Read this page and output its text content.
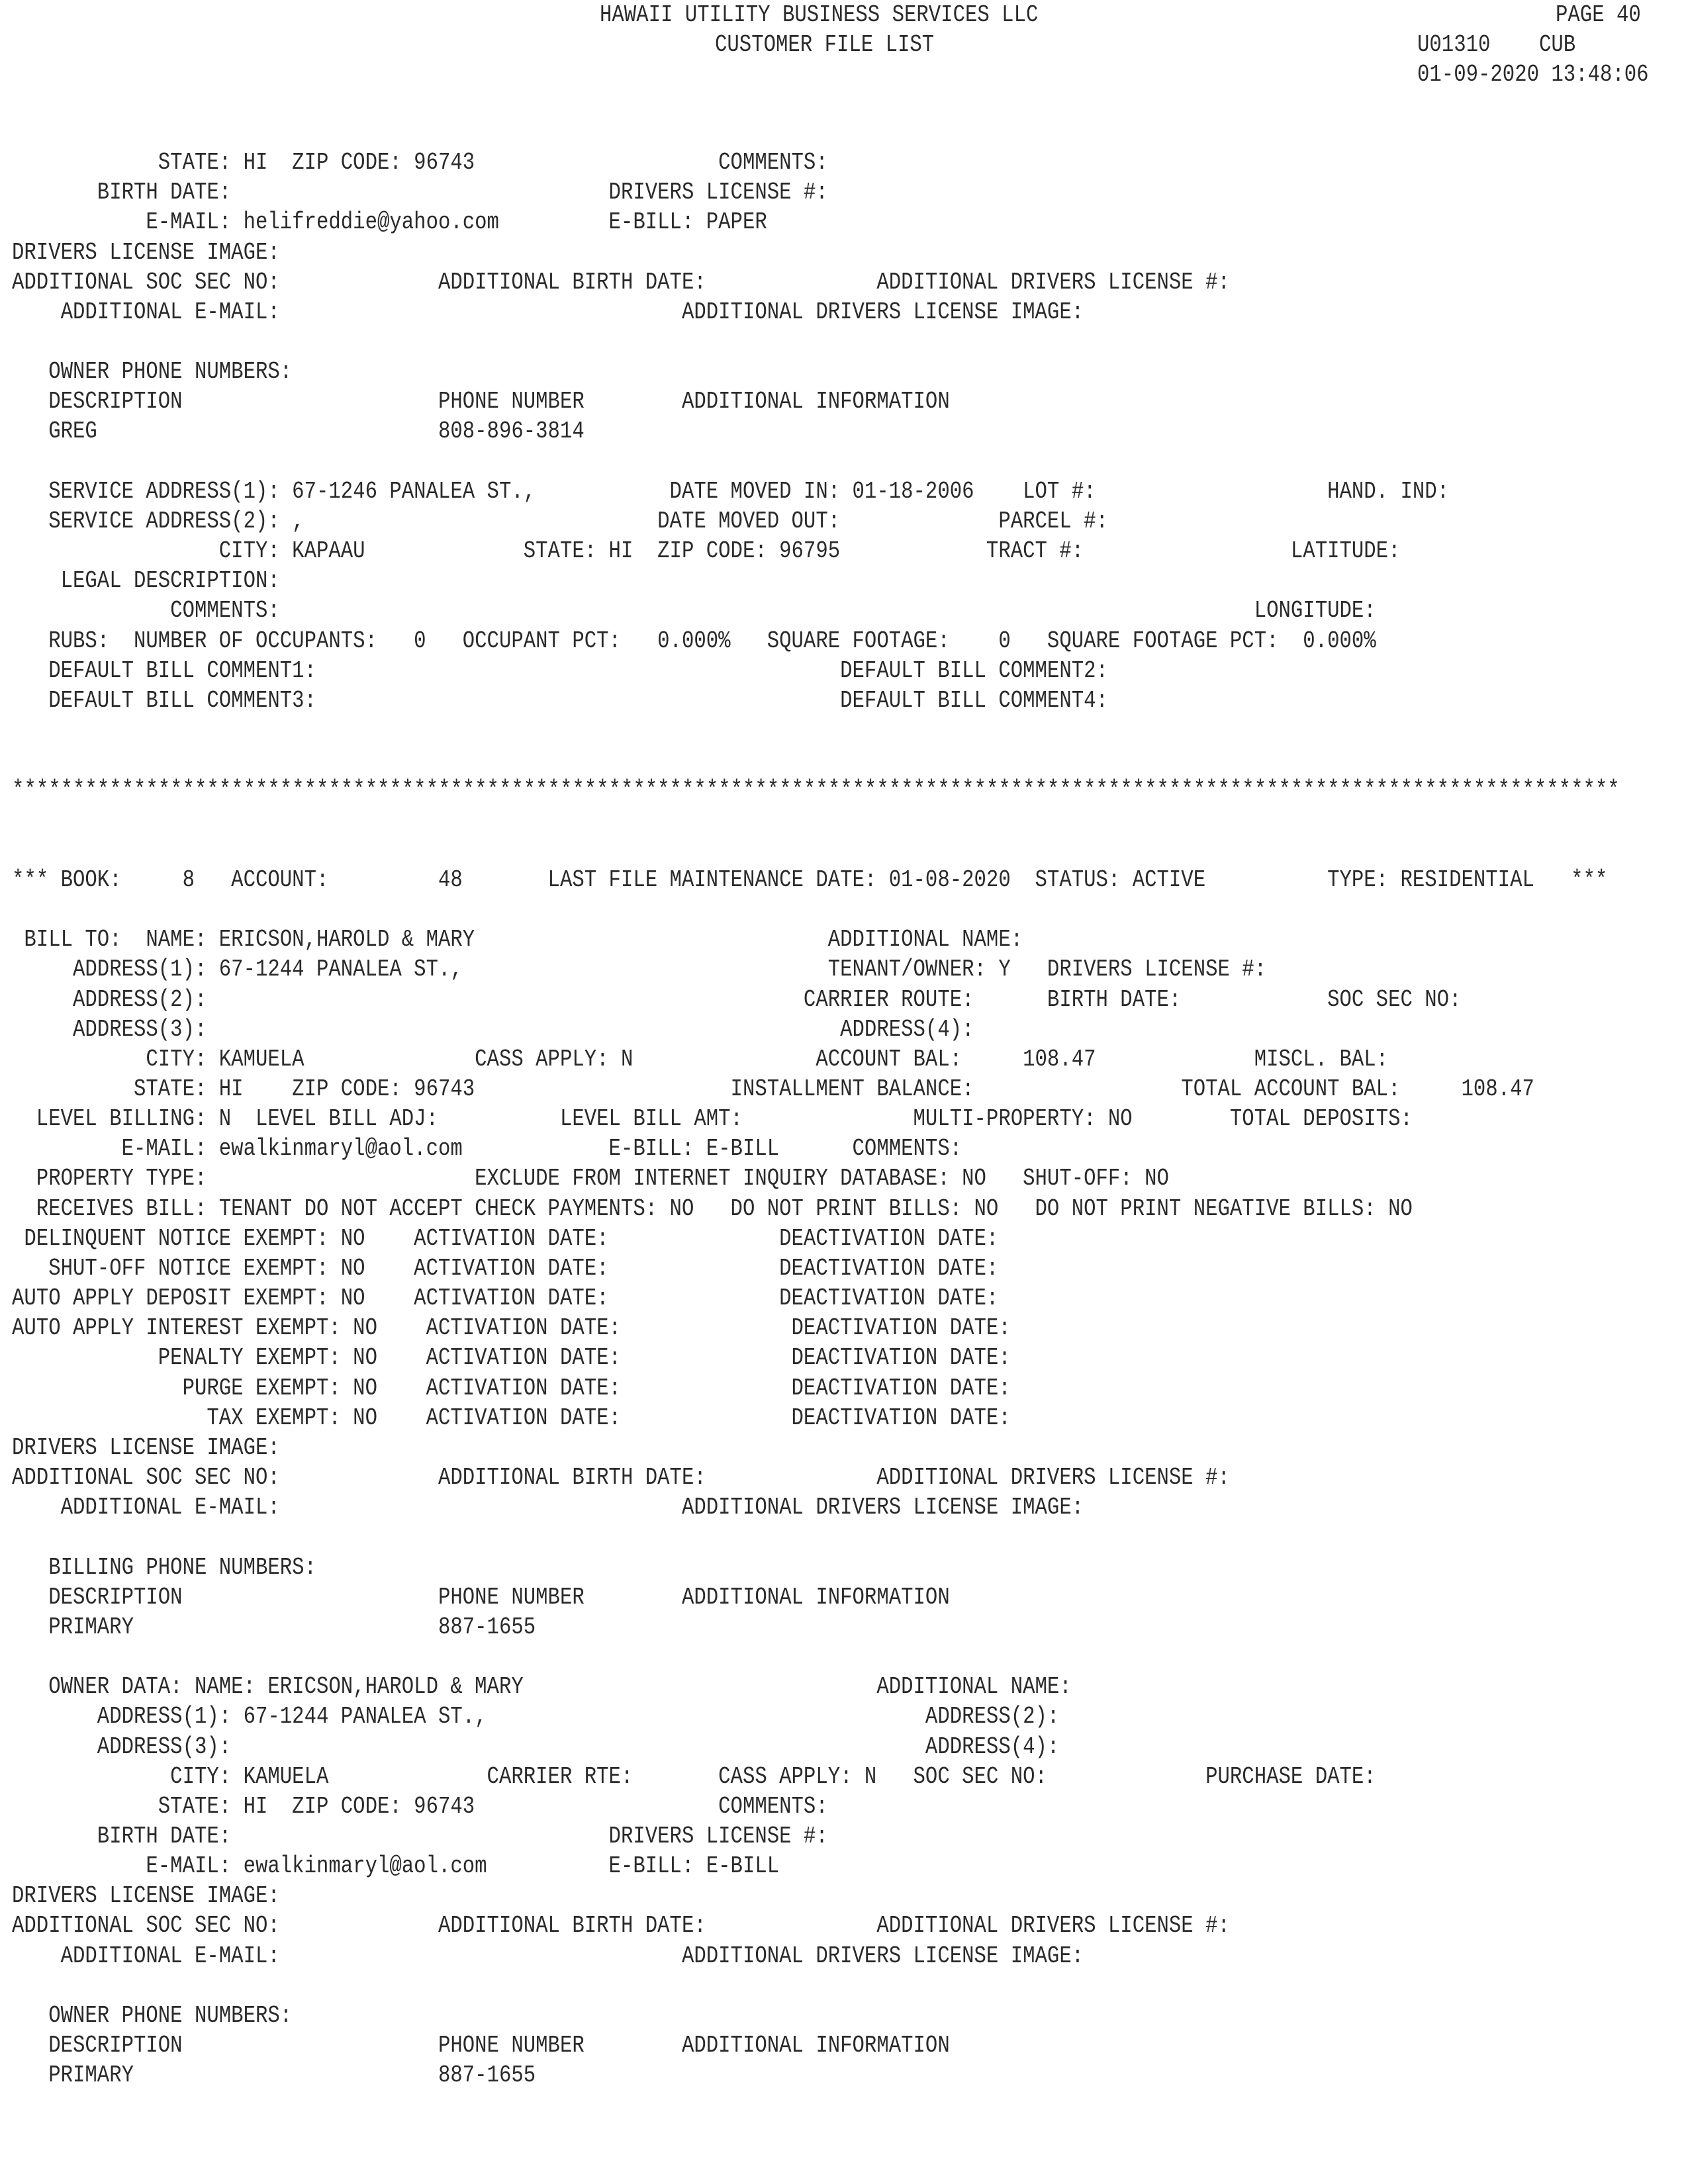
HAWAII UTILITY BUSINESS SERVICES LLC	PAGE 40
CUSTOMER FILE LIST	U01310    CUB
01-09-2020 13:48:06
STATE: HI  ZIP CODE: 96743                    COMMENTS:
BIRTH DATE:                               DRIVERS LICENSE #:
E-MAIL: helifreddie@yahoo.com         E-BILL: PAPER
DRIVERS LICENSE IMAGE:
ADDITIONAL SOC SEC NO:             ADDITIONAL BIRTH DATE:              ADDITIONAL DRIVERS LICENSE #:
ADDITIONAL E-MAIL:                                 ADDITIONAL DRIVERS LICENSE IMAGE:
OWNER PHONE NUMBERS:
DESCRIPTION                     PHONE NUMBER        ADDITIONAL INFORMATION
GREG                            808-896-3814
SERVICE ADDRESS(1): 67-1246 PANALEA ST.,           DATE MOVED IN: 01-18-2006    LOT #:                   HAND. IND:
SERVICE ADDRESS(2): ,                             DATE MOVED OUT:             PARCEL #:
CITY: KAPAAU             STATE: HI  ZIP CODE: 96795            TRACT #:                 LATITUDE:
LEGAL DESCRIPTION:
COMMENTS:                                                                                LONGITUDE:
RUBS:  NUMBER OF OCCUPANTS:   0   OCCUPANT PCT:   0.000%   SQUARE FOOTAGE:    0   SQUARE FOOTAGE PCT:  0.000%
DEFAULT BILL COMMENT1:                                           DEFAULT BILL COMMENT2:
DEFAULT BILL COMMENT3:                                           DEFAULT BILL COMMENT4:
************************************************************************************************************************************
*** BOOK:     8   ACCOUNT:         48       LAST FILE MAINTENANCE DATE: 01-08-2020  STATUS: ACTIVE          TYPE: RESIDENTIAL   ***
BILL TO:  NAME: ERICSON,HAROLD & MARY                             ADDITIONAL NAME:
ADDRESS(1): 67-1244 PANALEA ST.,                              TENANT/OWNER: Y   DRIVERS LICENSE #:
ADDRESS(2):                                                 CARRIER ROUTE:      BIRTH DATE:            SOC SEC NO:
ADDRESS(3):                                                    ADDRESS(4):
CITY: KAMUELA              CASS APPLY: N               ACCOUNT BAL:     108.47             MISCL. BAL:
STATE: HI    ZIP CODE: 96743                     INSTALLMENT BALANCE:                 TOTAL ACCOUNT BAL:     108.47
LEVEL BILLING: N  LEVEL BILL ADJ:          LEVEL BILL AMT:              MULTI-PROPERTY: NO        TOTAL DEPOSITS:
E-MAIL: ewalkinmaryl@aol.com            E-BILL: E-BILL      COMMENTS:
PROPERTY TYPE:                      EXCLUDE FROM INTERNET INQUIRY DATABASE: NO   SHUT-OFF: NO
RECEIVES BILL: TENANT DO NOT ACCEPT CHECK PAYMENTS: NO   DO NOT PRINT BILLS: NO   DO NOT PRINT NEGATIVE BILLS: NO
DELINQUENT NOTICE EXEMPT: NO    ACTIVATION DATE:              DEACTIVATION DATE:
SHUT-OFF NOTICE EXEMPT: NO    ACTIVATION DATE:              DEACTIVATION DATE:
AUTO APPLY DEPOSIT EXEMPT: NO    ACTIVATION DATE:              DEACTIVATION DATE:
AUTO APPLY INTEREST EXEMPT: NO    ACTIVATION DATE:              DEACTIVATION DATE:
PENALTY EXEMPT: NO    ACTIVATION DATE:              DEACTIVATION DATE:
PURGE EXEMPT: NO    ACTIVATION DATE:              DEACTIVATION DATE:
TAX EXEMPT: NO    ACTIVATION DATE:              DEACTIVATION DATE:
DRIVERS LICENSE IMAGE:
ADDITIONAL SOC SEC NO:             ADDITIONAL BIRTH DATE:              ADDITIONAL DRIVERS LICENSE #:
ADDITIONAL E-MAIL:                                 ADDITIONAL DRIVERS LICENSE IMAGE:
BILLING PHONE NUMBERS:
DESCRIPTION                     PHONE NUMBER        ADDITIONAL INFORMATION
PRIMARY                         887-1655
OWNER DATA: NAME: ERICSON,HAROLD & MARY                             ADDITIONAL NAME:
ADDRESS(1): 67-1244 PANALEA ST.,                                    ADDRESS(2):
ADDRESS(3):                                                         ADDRESS(4):
CITY: KAMUELA             CARRIER RTE:       CASS APPLY: N   SOC SEC NO:             PURCHASE DATE:
STATE: HI  ZIP CODE: 96743                    COMMENTS:
BIRTH DATE:                               DRIVERS LICENSE #:
E-MAIL: ewalkinmaryl@aol.com          E-BILL: E-BILL
DRIVERS LICENSE IMAGE:
ADDITIONAL SOC SEC NO:             ADDITIONAL BIRTH DATE:              ADDITIONAL DRIVERS LICENSE #:
ADDITIONAL E-MAIL:                                 ADDITIONAL DRIVERS LICENSE IMAGE:
OWNER PHONE NUMBERS:
DESCRIPTION                     PHONE NUMBER        ADDITIONAL INFORMATION
PRIMARY                         887-1655
